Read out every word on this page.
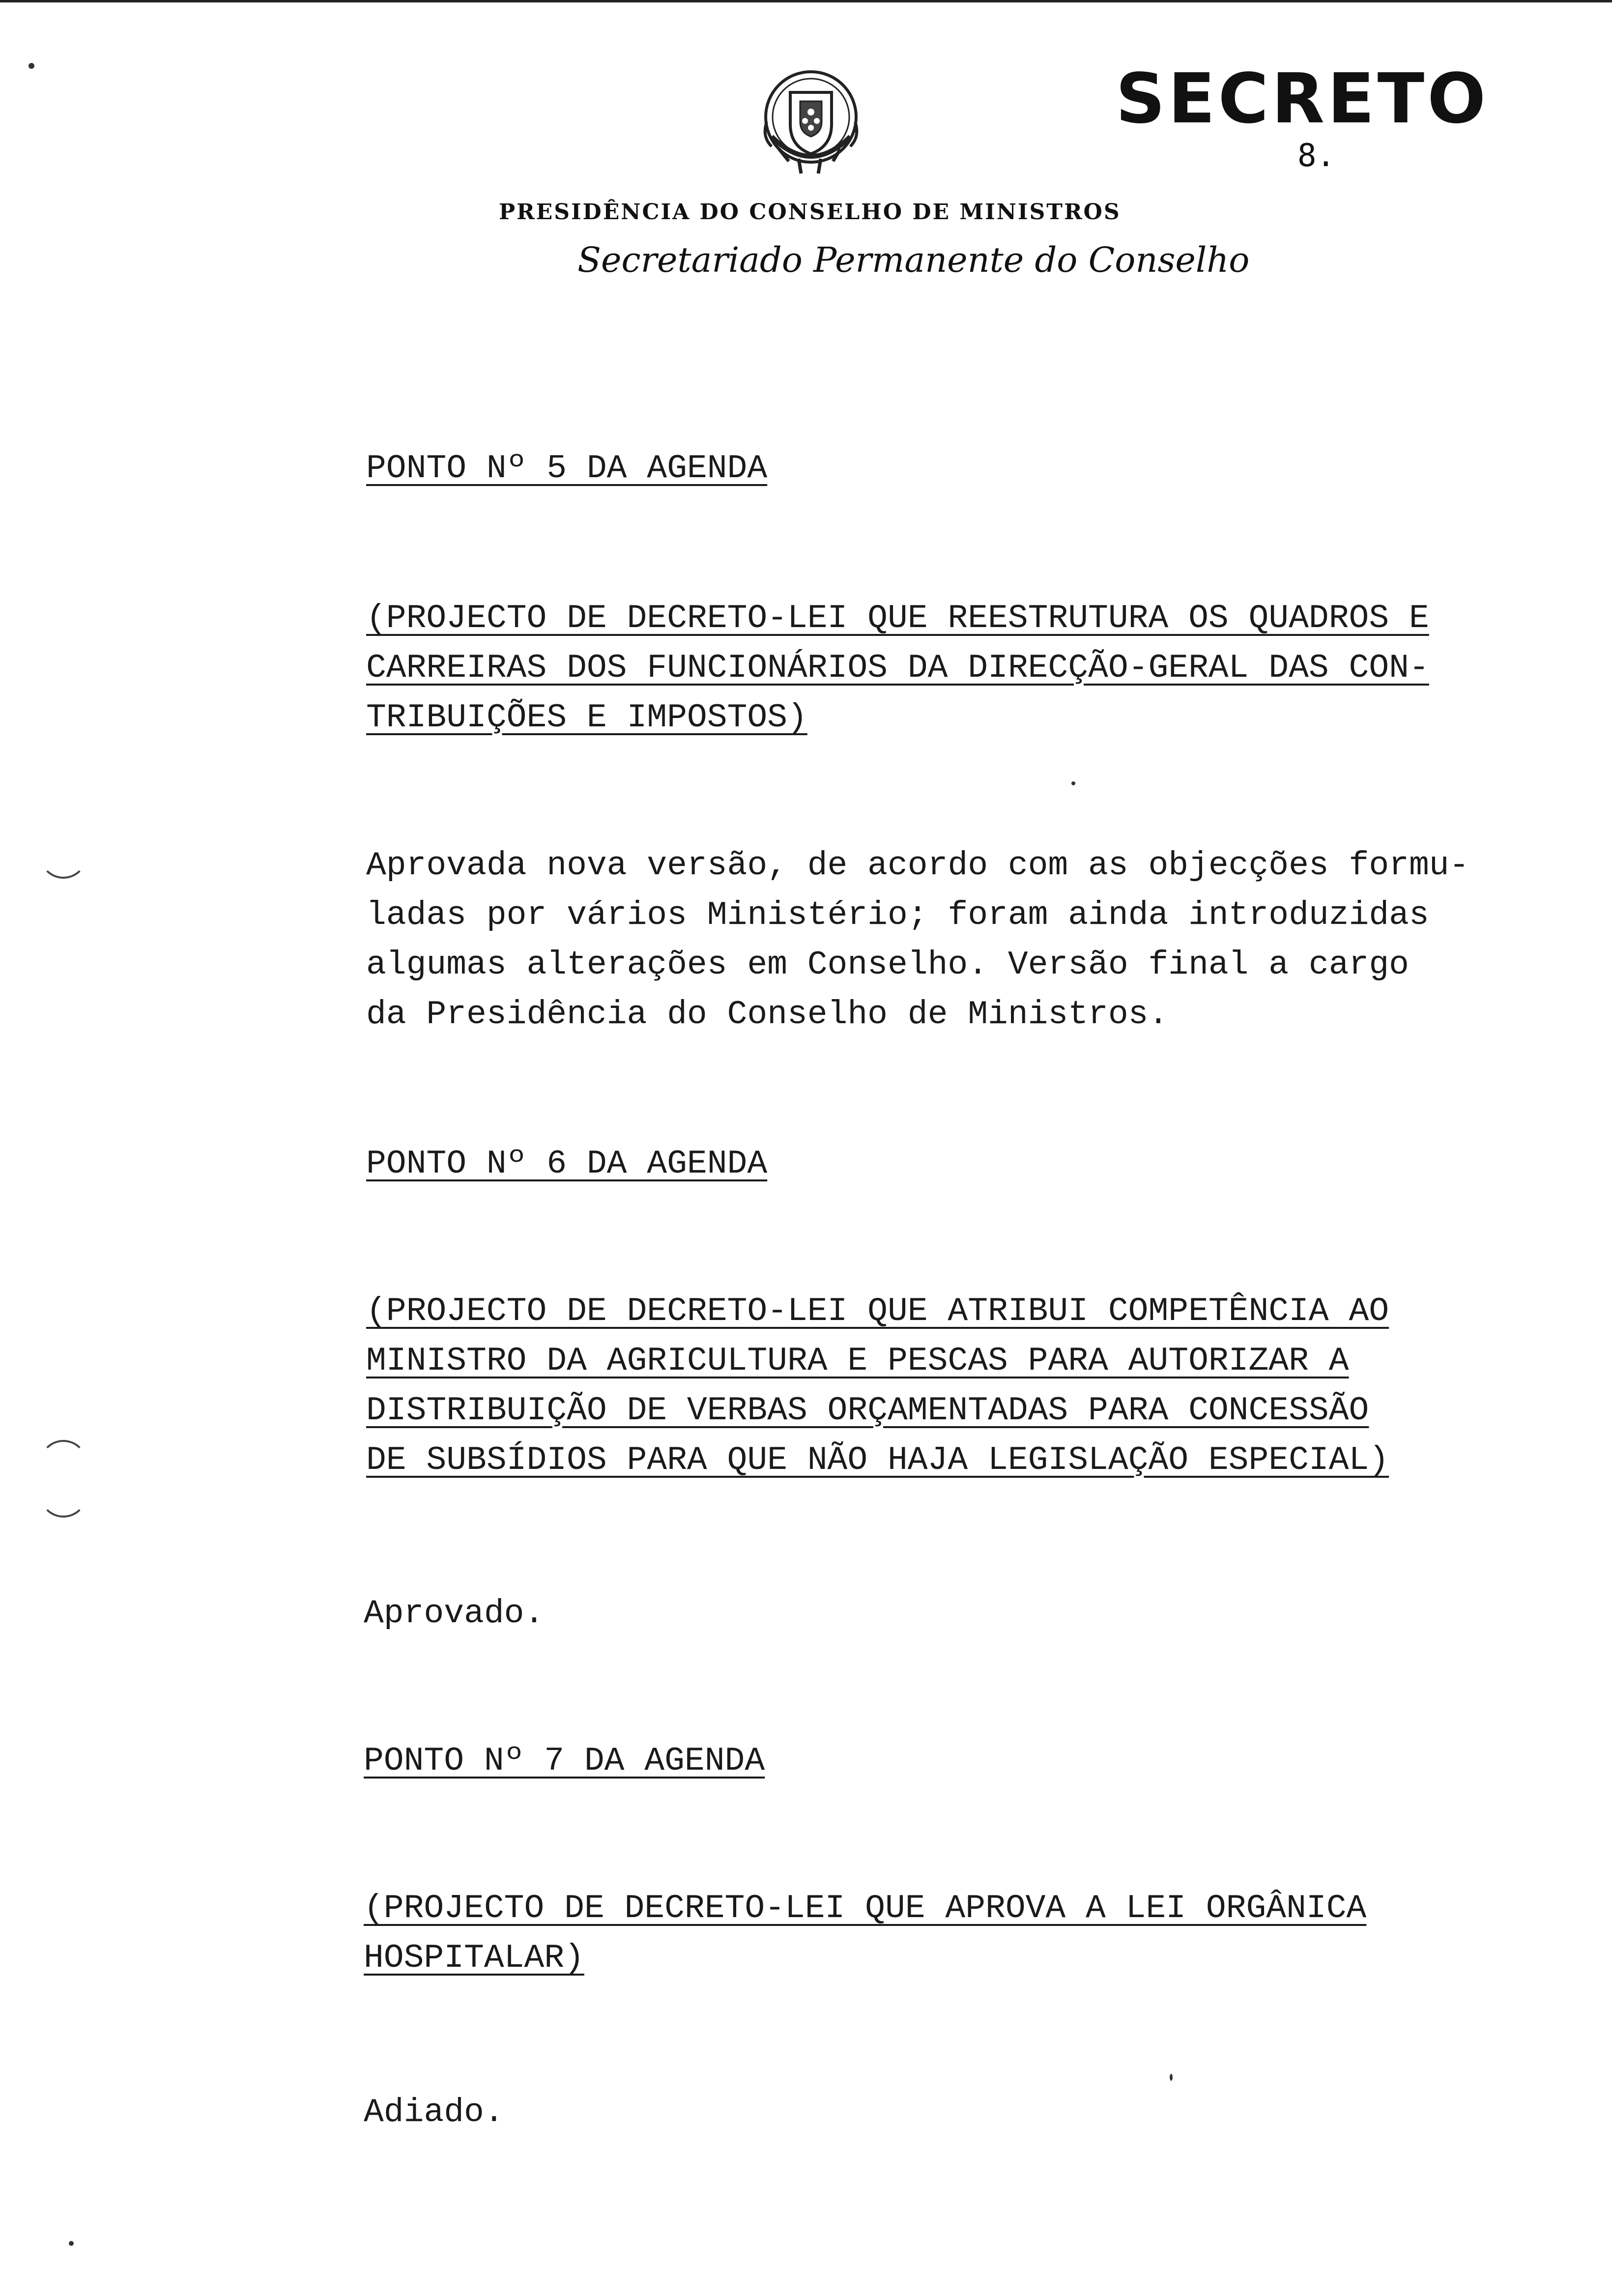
SECRETO
8.
PRESIDÊNCIA DO CONSELHO DE MINISTROS
Secretariado Permanente do Conselho
PONTO Nº 5 DA AGENDA
(PROJECTO DE DECRETO-LEI QUE REESTRUTURA OS QUADROS E
CARREIRAS DOS FUNCIONÁRIOS DA DIRECÇÃO-GERAL DAS CON-
TRIBUIÇÕES E IMPOSTOS)
Aprovada nova versão, de acordo com as objecções formu-
ladas por vários Ministério; foram ainda introduzidas
algumas alterações em Conselho. Versão final a cargo
da Presidência do Conselho de Ministros.
PONTO Nº 6 DA AGENDA
(PROJECTO DE DECRETO-LEI QUE ATRIBUI COMPETÊNCIA AO
MINISTRO DA AGRICULTURA E PESCAS PARA AUTORIZAR A
DISTRIBUIÇÃO DE VERBAS ORÇAMENTADAS PARA CONCESSÃO
DE SUBSÍDIOS PARA QUE NÃO HAJA LEGISLAÇÃO ESPECIAL)
Aprovado.
PONTO Nº 7 DA AGENDA
(PROJECTO DE DECRETO-LEI QUE APROVA A LEI ORGÂNICA
HOSPITALAR)
Adiado.
